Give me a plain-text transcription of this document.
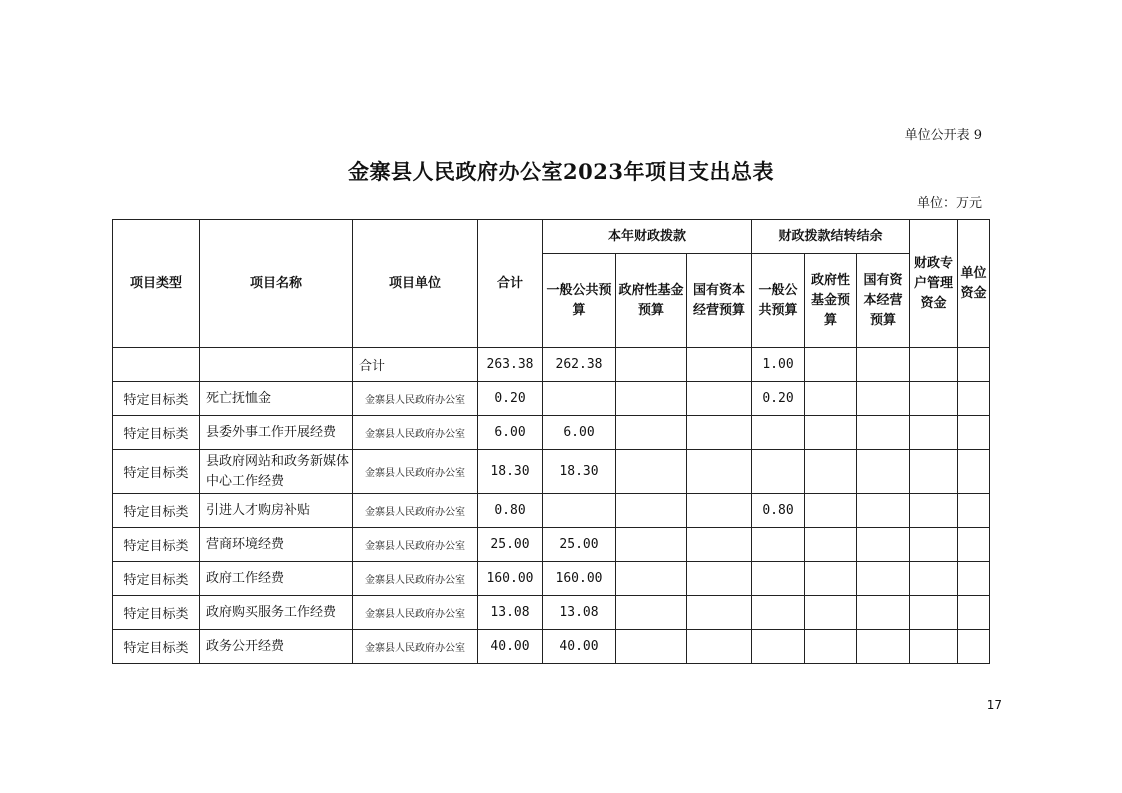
单位公开表 9
金寨县人民政府办公室2023年项目支出总表
单位：万元
项目类型	项目名称	项目单位	合计	本年财政拨款			财政拨款结转结余			财政专户管理资金	单位资金
				一般公共预算	政府性基金预算	国有资本经营预算	一般公共预算	政府性基金预算	国有资本经营预算		
		合计	263.38	262.38			1.00				
特定目标类	死亡抚恤金	金寨县人民政府办公室	0.20				0.20				
特定目标类	县委外事工作开展经费	金寨县人民政府办公室	6.00	6.00							
特定目标类	县政府网站和政务新媒体中心工作经费	金寨县人民政府办公室	18.30	18.30							
特定目标类	引进人才购房补贴	金寨县人民政府办公室	0.80				0.80				
特定目标类	营商环境经费	金寨县人民政府办公室	25.00	25.00							
特定目标类	政府工作经费	金寨县人民政府办公室	160.00	160.00							
特定目标类	政府购买服务工作经费	金寨县人民政府办公室	13.08	13.08							
特定目标类	政务公开经费	金寨县人民政府办公室	40.00	40.00							
17
